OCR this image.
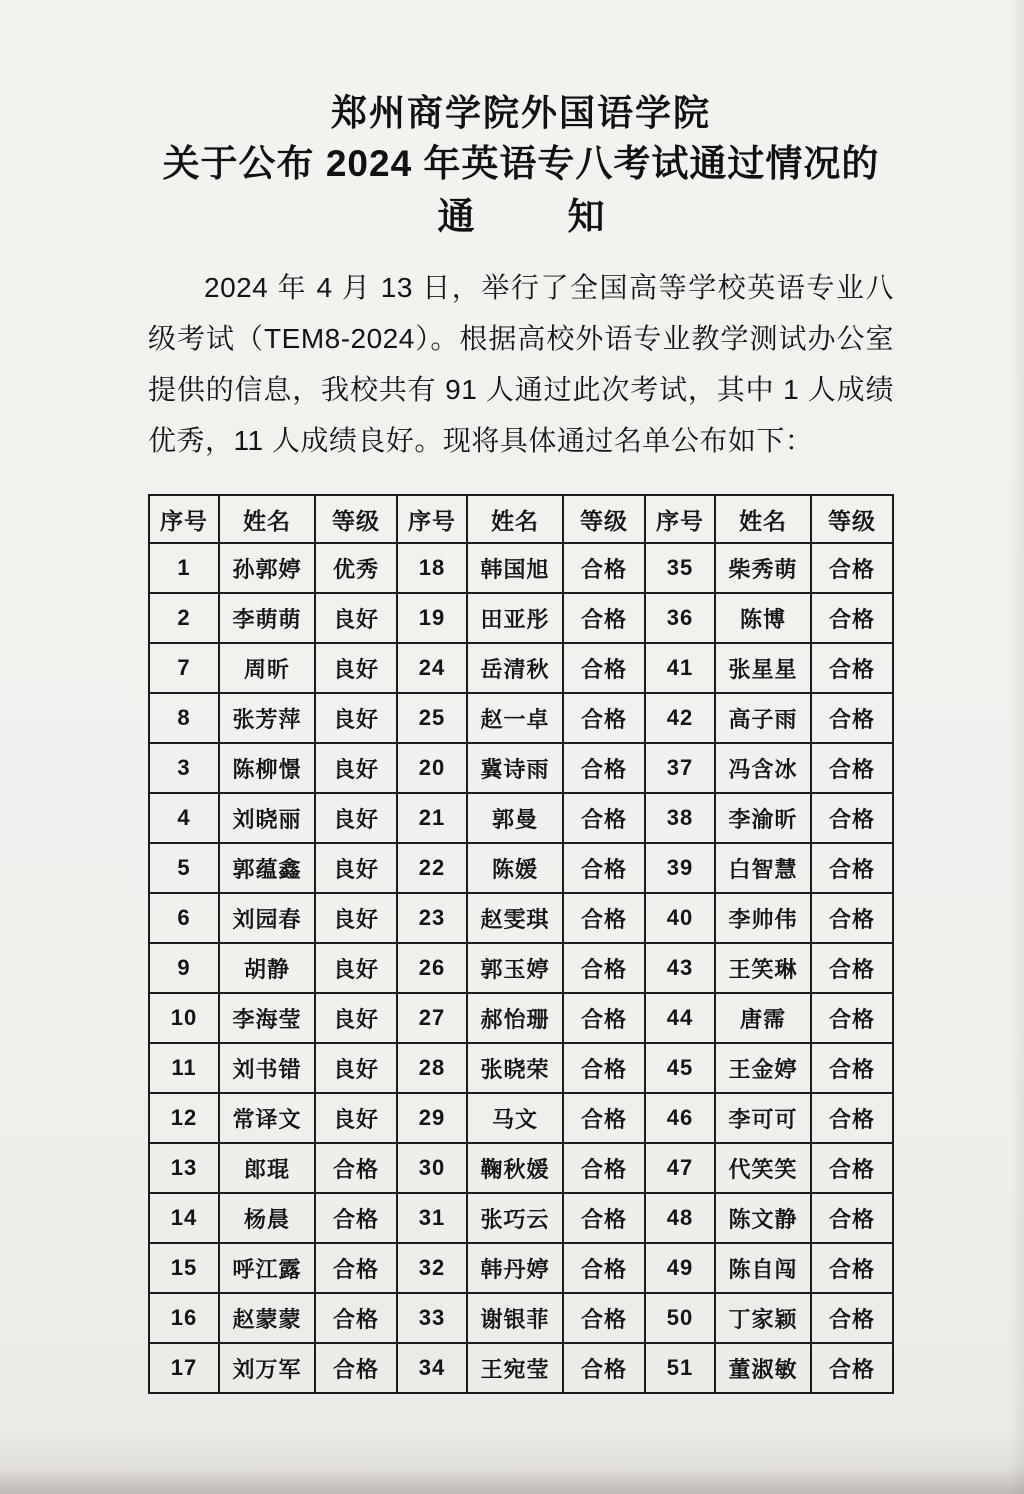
郑州商学院外国语学院
关于公布 2024 年英语专八考试通过情况的
通　知

2024 年 4 月 13 日，举行了全国高等学校英语专业八级考试（TEM8-2024）。根据高校外语专业教学测试办公室提供的信息，我校共有 91 人通过此次考试，其中 1 人成绩优秀，11 人成绩良好。现将具体通过名单公布如下：

序号	姓名	等级	序号	姓名	等级	序号	姓名	等级
1	孙郭婷	优秀	18	韩国旭	合格	35	柴秀萌	合格
2	李萌萌	良好	19	田亚彤	合格	36	陈博	合格
7	周昕	良好	24	岳清秋	合格	41	张星星	合格
8	张芳萍	良好	25	赵一卓	合格	42	高子雨	合格
3	陈柳憬	良好	20	冀诗雨	合格	37	冯含冰	合格
4	刘晓丽	良好	21	郭曼	合格	38	李渝昕	合格
5	郭蕴鑫	良好	22	陈媛	合格	39	白智慧	合格
6	刘园春	良好	23	赵雯琪	合格	40	李帅伟	合格
9	胡静	良好	26	郭玉婷	合格	43	王笑琳	合格
10	李海莹	良好	27	郝怡珊	合格	44	唐霈	合格
11	刘书错	良好	28	张晓荣	合格	45	王金婷	合格
12	常译文	良好	29	马文	合格	46	李可可	合格
13	郎琨	合格	30	鞠秋媛	合格	47	代笑笑	合格
14	杨晨	合格	31	张巧云	合格	48	陈文静	合格
15	呼江露	合格	32	韩丹婷	合格	49	陈自闯	合格
16	赵蒙蒙	合格	33	谢银菲	合格	50	丁家颖	合格
17	刘万军	合格	34	王宛莹	合格	51	董淑敏	合格
